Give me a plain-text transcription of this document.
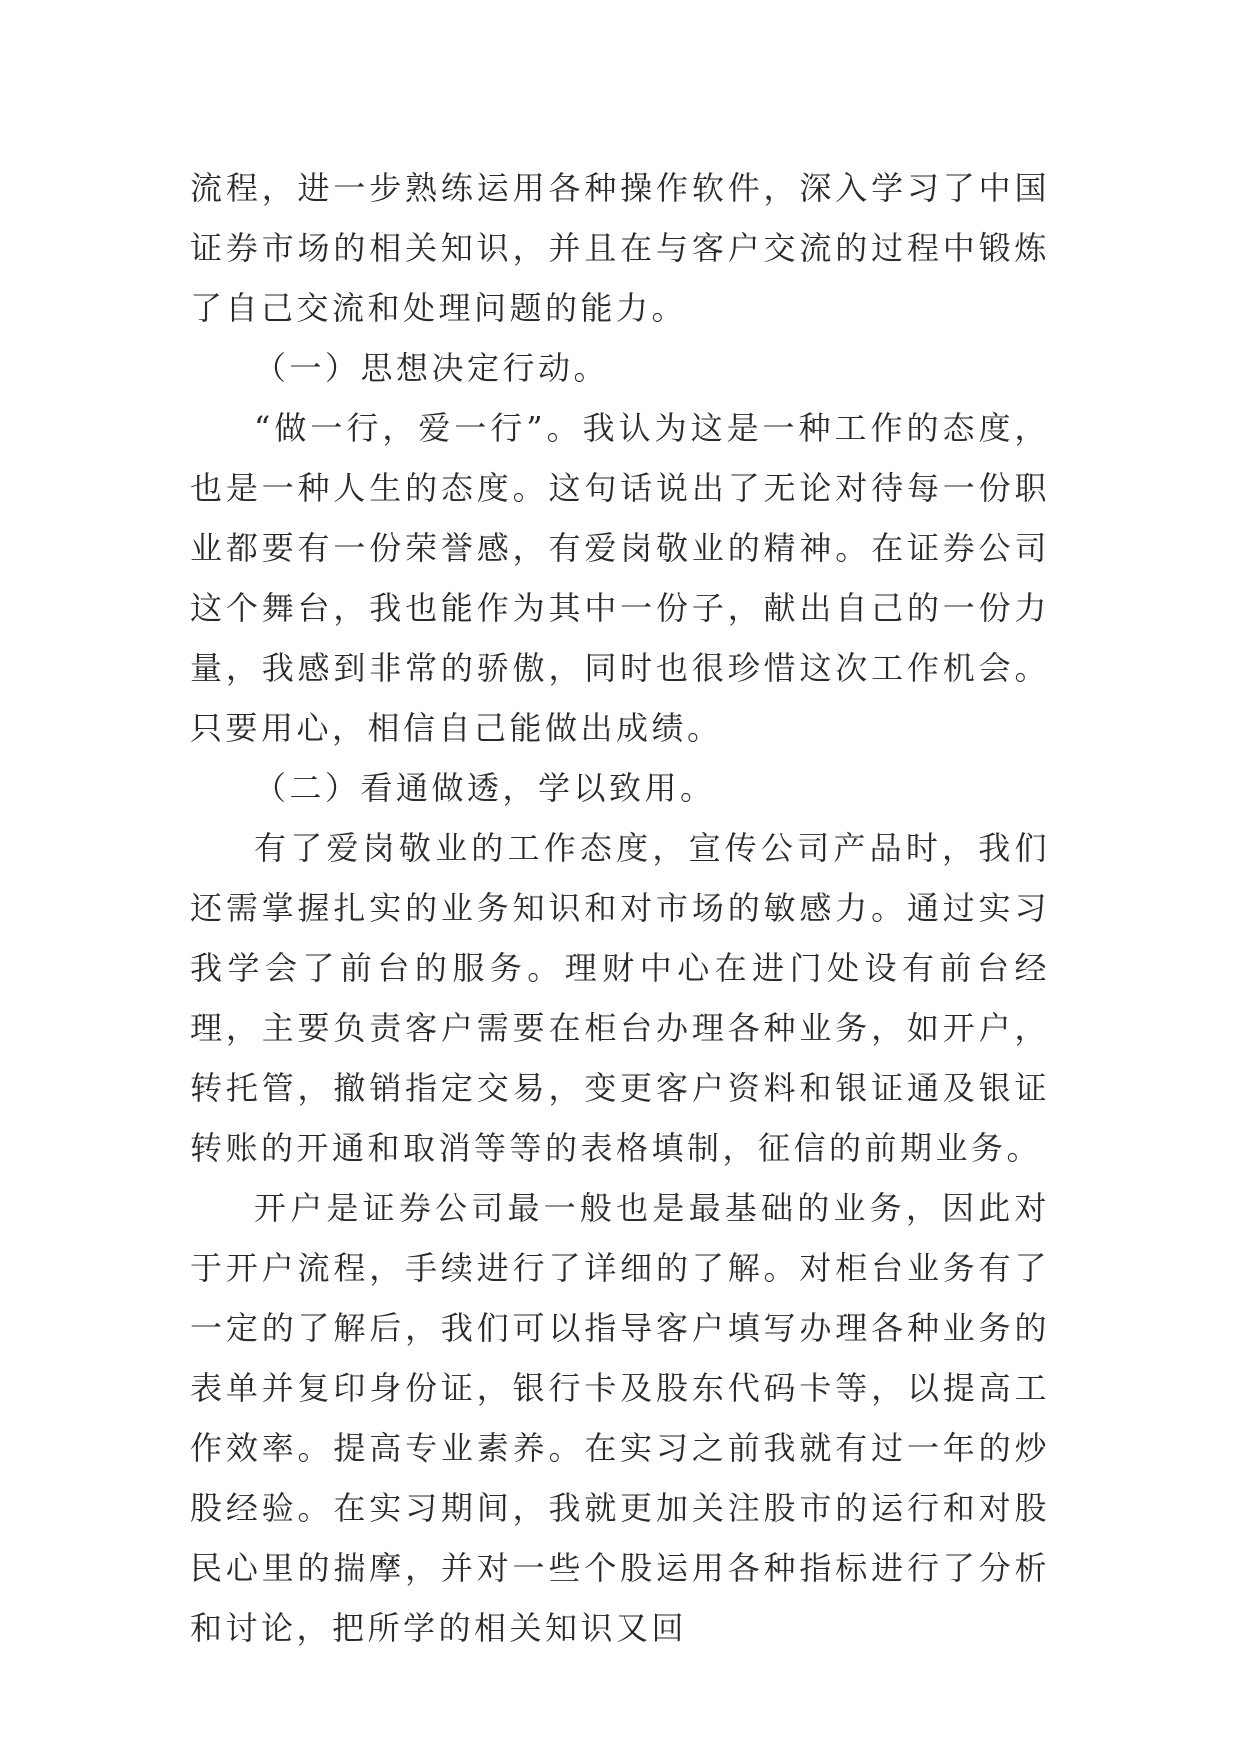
流程，进一步熟练运用各种操作软件，深入学习了中国证券市场的相关知识，并且在与客户交流的过程中锻炼了自己交流和处理问题的能力。

（一）思想决定行动。

“做一行，爱一行”。我认为这是一种工作的态度，也是一种人生的态度。这句话说出了无论对待每一份职业都要有一份荣誉感，有爱岗敬业的精神。在证券公司这个舞台，我也能作为其中一份子，献出自己的一份力量，我感到非常的骄傲，同时也很珍惜这次工作机会。只要用心，相信自己能做出成绩。

（二）看通做透，学以致用。

有了爱岗敬业的工作态度，宣传公司产品时，我们还需掌握扎实的业务知识和对市场的敏感力。通过实习我学会了前台的服务。理财中心在进门处设有前台经理，主要负责客户需要在柜台办理各种业务，如开户，转托管，撤销指定交易，变更客户资料和银证通及银证转账的开通和取消等等的表格填制，征信的前期业务。

开户是证券公司最一般也是最基础的业务，因此对于开户流程，手续进行了详细的了解。对柜台业务有了一定的了解后，我们可以指导客户填写办理各种业务的表单并复印身份证，银行卡及股东代码卡等，以提高工作效率。提高专业素养。在实习之前我就有过一年的炒股经验。在实习期间，我就更加关注股市的运行和对股民心里的揣摩，并对一些个股运用各种指标进行了分析和讨论，把所学的相关知识又回
